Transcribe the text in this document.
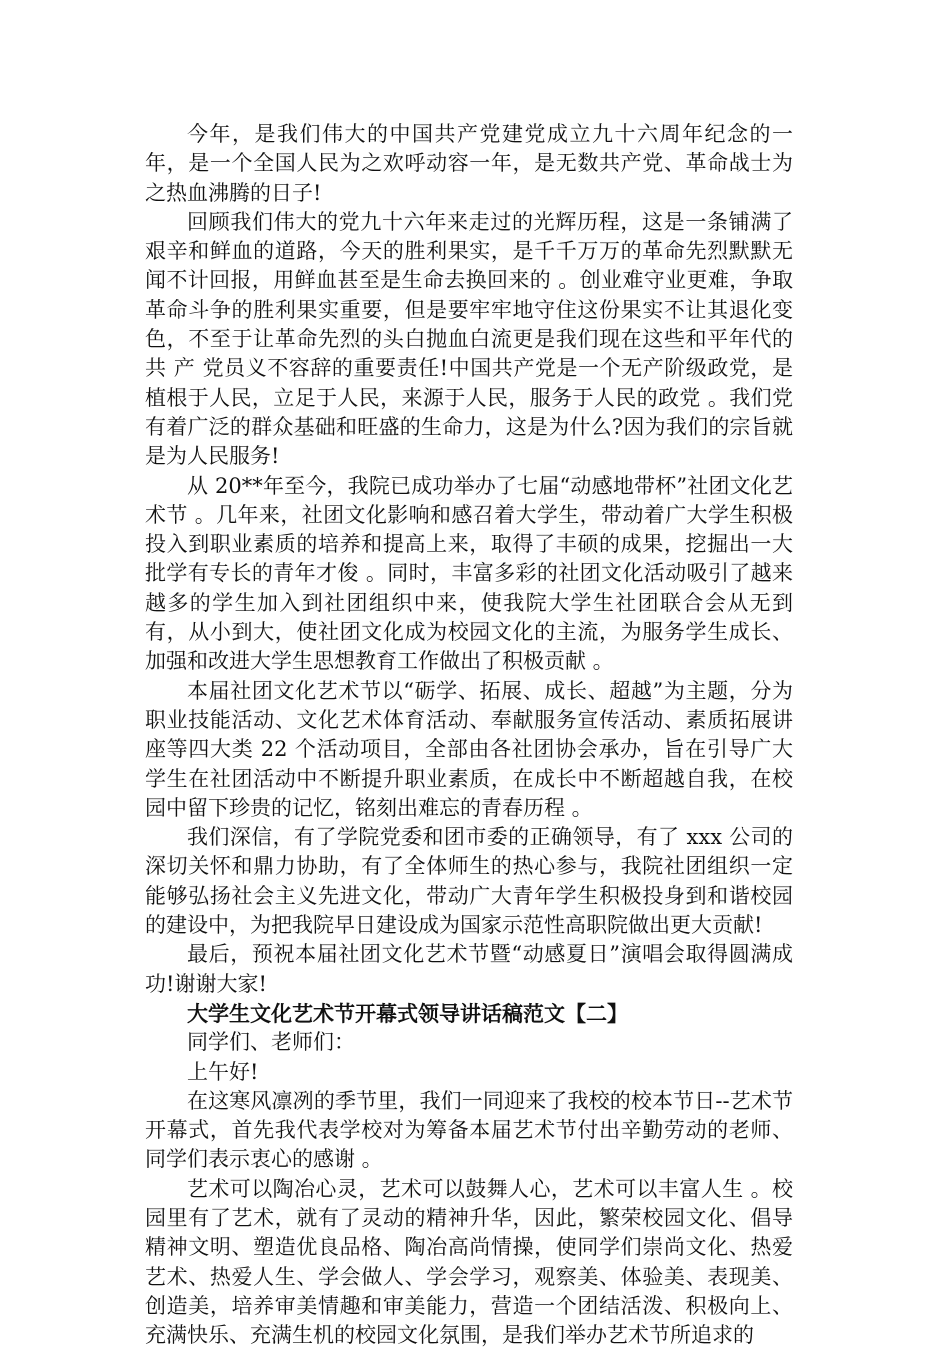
今年，是我们伟大的中国共产党建党成立九十六周年纪念的一年，是一个全国人民为之欢呼动容一年，是无数共产党、革命战士为之热血沸腾的日子!

回顾我们伟大的党九十六年来走过的光辉历程，这是一条铺满了艰辛和鲜血的道路，今天的胜利果实，是千千万万的革命先烈默默无闻不计回报，用鲜血甚至是生命去换回来的 。创业难守业更难，争取革命斗争的胜利果实重要，但是要牢牢地守住这份果实不让其退化变色，不至于让革命先烈的头白抛血白流更是我们现在这些和平年代的共 产 党员义不容辞的重要责任!中国共产党是一个无产阶级政党，是植根于人民，立足于人民，来源于人民，服务于人民的政党 。我们党有着广泛的群众基础和旺盛的生命力，这是为什么?因为我们的宗旨就是为人民服务!

从 20**年至今，我院已成功举办了七届“动感地带杯”社团文化艺术节 。几年来，社团文化影响和感召着大学生，带动着广大学生积极投入到职业素质的培养和提高上来，取得了丰硕的成果，挖掘出一大批学有专长的青年才俊 。同时，丰富多彩的社团文化活动吸引了越来越多的学生加入到社团组织中来，使我院大学生社团联合会从无到有，从小到大，使社团文化成为校园文化的主流，为服务学生成长、加强和改进大学生思想教育工作做出了积极贡献 。

本届社团文化艺术节以“砺学、拓展、成长、超越”为主题，分为职业技能活动、文化艺术体育活动、奉献服务宣传活动、素质拓展讲座等四大类 22 个活动项目，全部由各社团协会承办，旨在引导广大学生在社团活动中不断提升职业素质，在成长中不断超越自我，在校园中留下珍贵的记忆，铭刻出难忘的青春历程 。

我们深信，有了学院党委和团市委的正确领导，有了 xxx 公司的深切关怀和鼎力协助，有了全体师生的热心参与，我院社团组织一定能够弘扬社会主义先进文化，带动广大青年学生积极投身到和谐校园的建设中，为把我院早日建设成为国家示范性高职院做出更大贡献!

最后，预祝本届社团文化艺术节暨“动感夏日”演唱会取得圆满成功!谢谢大家!

大学生文化艺术节开幕式领导讲话稿范文【二】

同学们、老师们：

上午好!

在这寒风凛冽的季节里，我们一同迎来了我校的校本节日--艺术节开幕式，首先我代表学校对为筹备本届艺术节付出辛勤劳动的老师、同学们表示衷心的感谢 。

艺术可以陶冶心灵，艺术可以鼓舞人心，艺术可以丰富人生 。校园里有了艺术，就有了灵动的精神升华，因此，繁荣校园文化、倡导精神文明、塑造优良品格、陶冶高尚情操，使同学们崇尚文化、热爱艺术、热爱人生、学会做人、学会学习，观察美、体验美、表现美、创造美，培养审美情趣和审美能力，营造一个团结活泼、积极向上、充满快乐、充满生机的校园文化氛围，是我们举办艺术节所追求的
